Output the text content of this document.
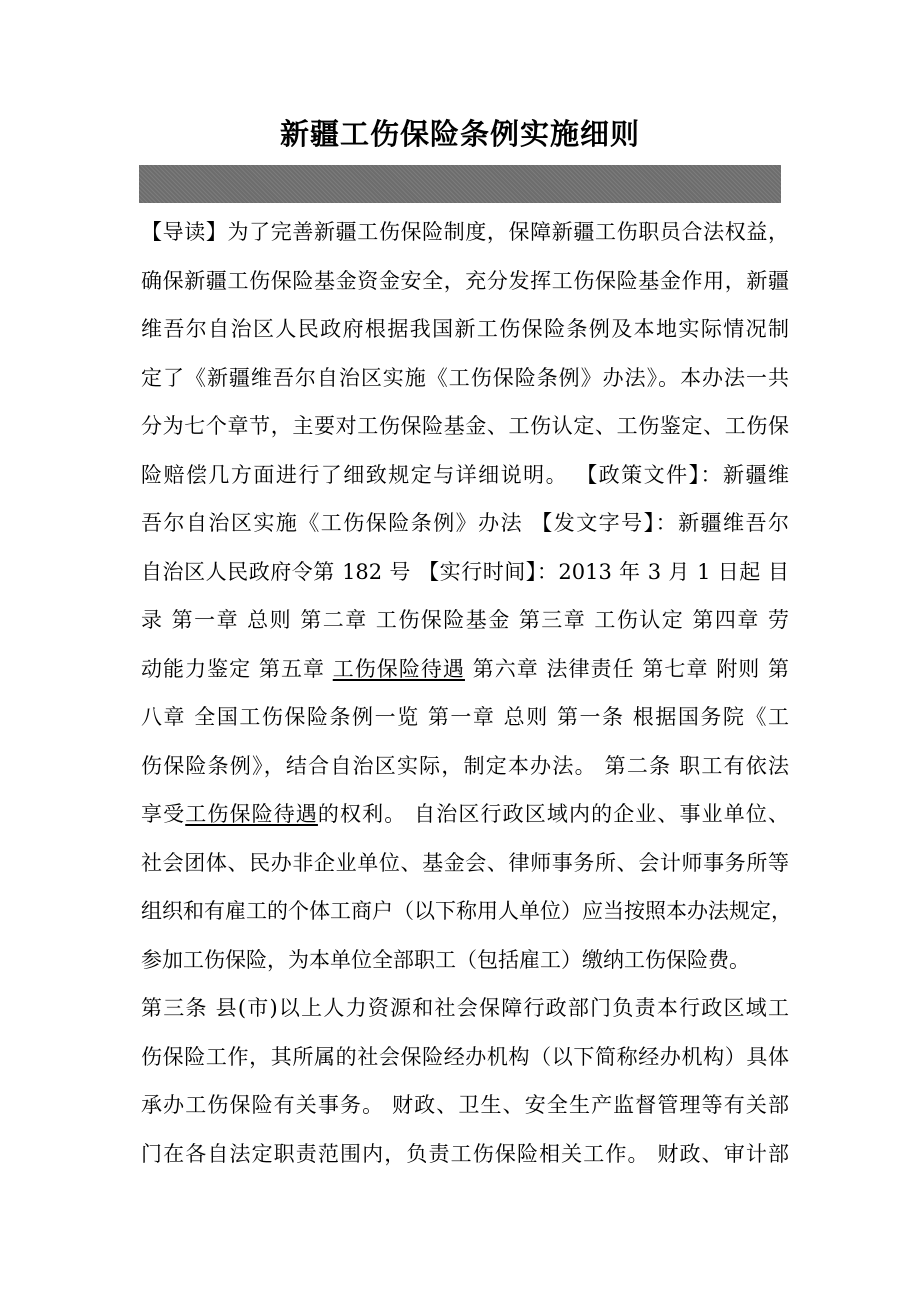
新疆工伤保险条例实施细则
【导读】为了完善新疆工伤保险制度，保障新疆工伤职员合法权益，
确保新疆工伤保险基金资金安全，充分发挥工伤保险基金作用，新疆
维吾尔自治区人民政府根据我国新工伤保险条例及本地实际情况制
定了《新疆维吾尔自治区实施《工伤保险条例》办法》。本办法一共
分为七个章节，主要对工伤保险基金、工伤认定、工伤鉴定、工伤保
险赔偿几方面进行了细致规定与详细说明。 【政策文件】：新疆维
吾尔自治区实施《工伤保险条例》办法 【发文字号】：新疆维吾尔
自治区人民政府令第 182 号 【实行时间】：2013 年 3 月 1 日起 目
录 第一章 总则 第二章 工伤保险基金 第三章 工伤认定 第四章 劳
动能力鉴定 第五章 工伤保险待遇 第六章 法律责任 第七章 附则 第
八章 全国工伤保险条例一览 第一章 总则 第一条 根据国务院《工
伤保险条例》，结合自治区实际，制定本办法。 第二条 职工有依法
享受工伤保险待遇的权利。 自治区行政区域内的企业、事业单位、
社会团体、民办非企业单位、基金会、律师事务所、会计师事务所等
组织和有雇工的个体工商户（以下称用人单位）应当按照本办法规定，
参加工伤保险，为本单位全部职工（包括雇工）缴纳工伤保险费。
第三条 县(市)以上人力资源和社会保障行政部门负责本行政区域工
伤保险工作，其所属的社会保险经办机构（以下简称经办机构）具体
承办工伤保险有关事务。 财政、卫生、安全生产监督管理等有关部
门在各自法定职责范围内，负责工伤保险相关工作。 财政、审计部
